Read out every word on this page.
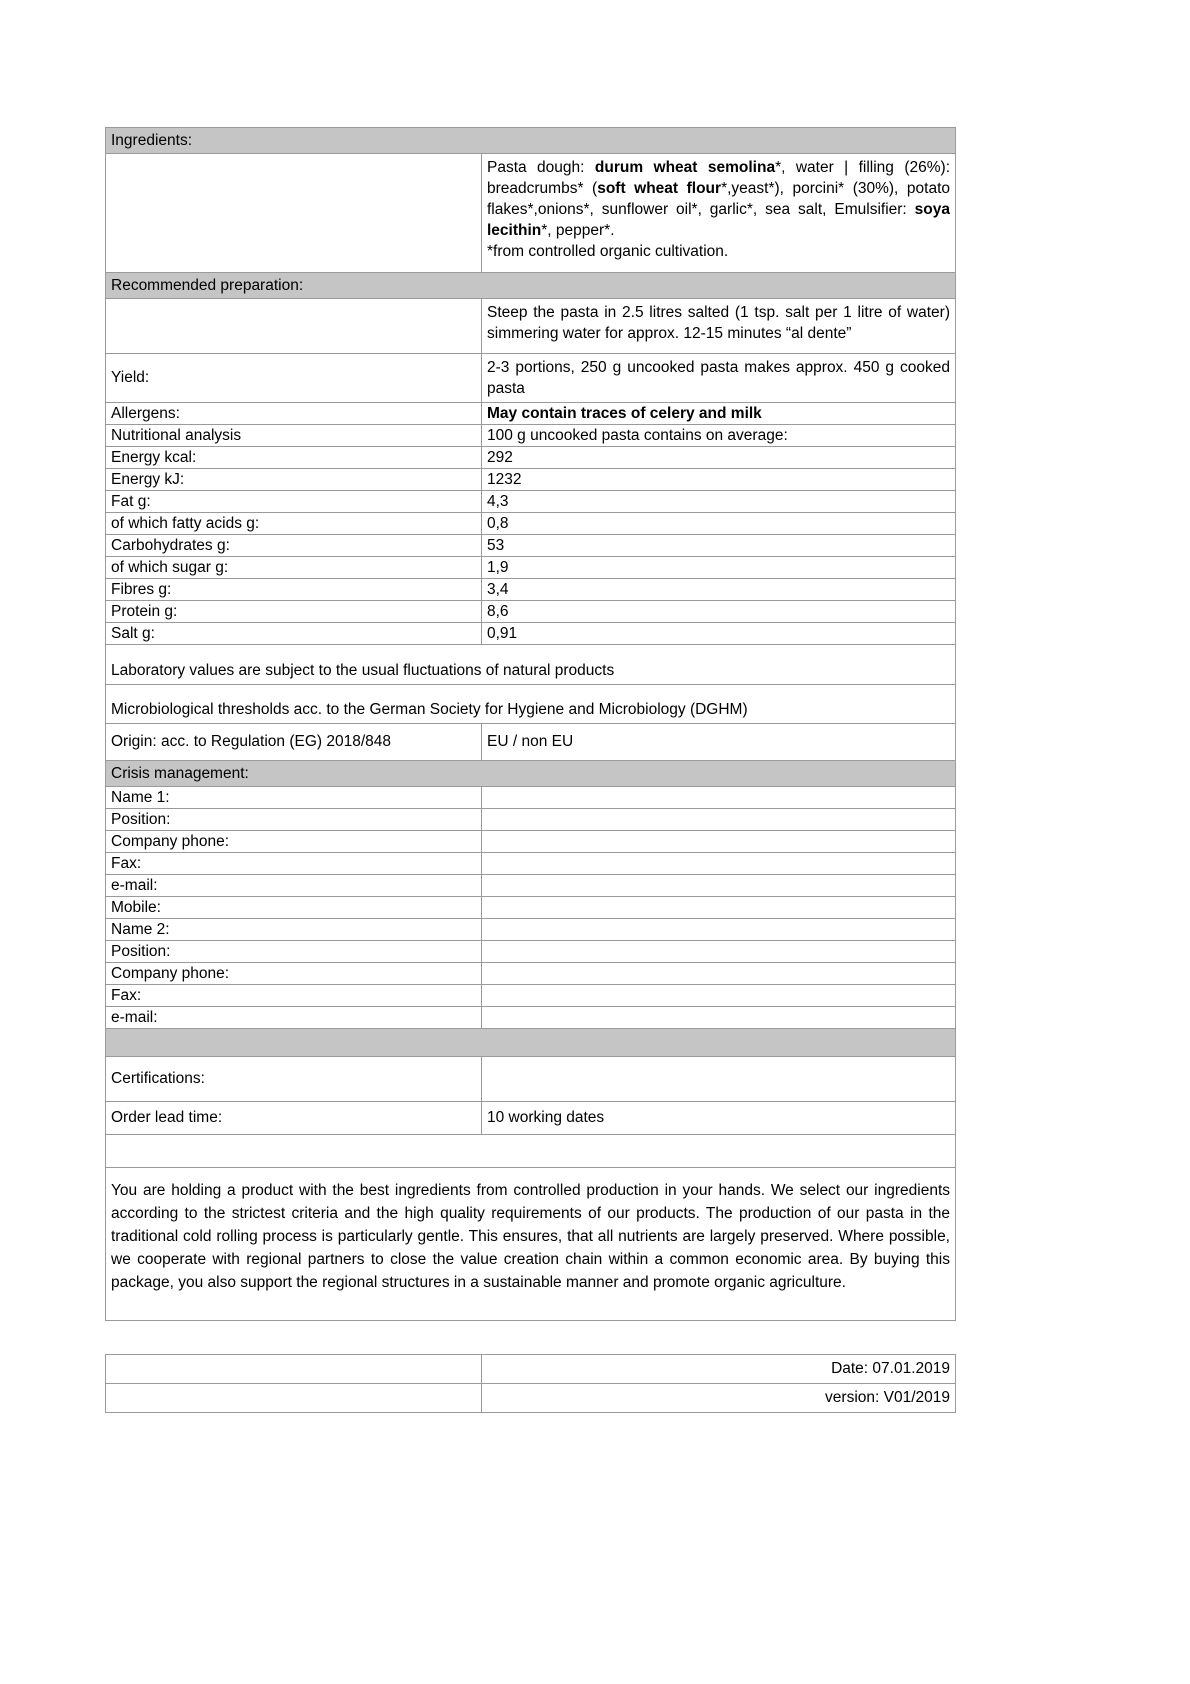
Ingredients:	
	Pasta dough: durum wheat semolina*, water | filling (26%): breadcrumbs* (soft wheat flour*,yeast*), porcini* (30%), potato flakes*,onions*, sunflower oil*, garlic*, sea salt, Emulsifier: soya lecithin*, pepper*.
*from controlled organic cultivation.
Recommended preparation:	
	Steep the pasta in 2.5 litres salted (1 tsp. salt per 1 litre of water) simmering water for approx. 12-15 minutes “al dente”
Yield:	2-3 portions, 250 g uncooked pasta makes approx. 450 g cooked pasta
Allergens:	May contain traces of celery and milk
Nutritional analysis	100 g uncooked pasta contains on average:
Energy kcal:	292
Energy kJ:	1232
Fat g:	4,3
of which fatty acids g:	0,8
Carbohydrates g:	53
of which sugar g:	1,9
Fibres g:	3,4
Protein g:	8,6
Salt g:	0,91
Laboratory values are subject to the usual fluctuations of natural products	
Microbiological thresholds acc. to the German Society for Hygiene and Microbiology (DGHM)	
Origin: acc. to Regulation (EG) 2018/848	EU / non EU
Crisis management:	
Name 1:	
Position:	
Company phone:	
Fax:	
e-mail:	
Mobile:	
Name 2:	
Position:	
Company phone:	
Fax:	
e-mail:	

Certifications:	
Order lead time:	10 working dates

You are holding a product with the best ingredients from controlled production in your hands. We select our ingredients according to the strictest criteria and the high quality requirements of our products. The production of our pasta in the traditional cold rolling process is particularly gentle. This ensures, that all nutrients are largely preserved. Where possible, we cooperate with regional partners to close the value creation chain within a common economic area. By buying this package, you also support the regional structures in a sustainable manner and promote organic agriculture.	
	Date: 07.01.2019
	version: V01/2019
